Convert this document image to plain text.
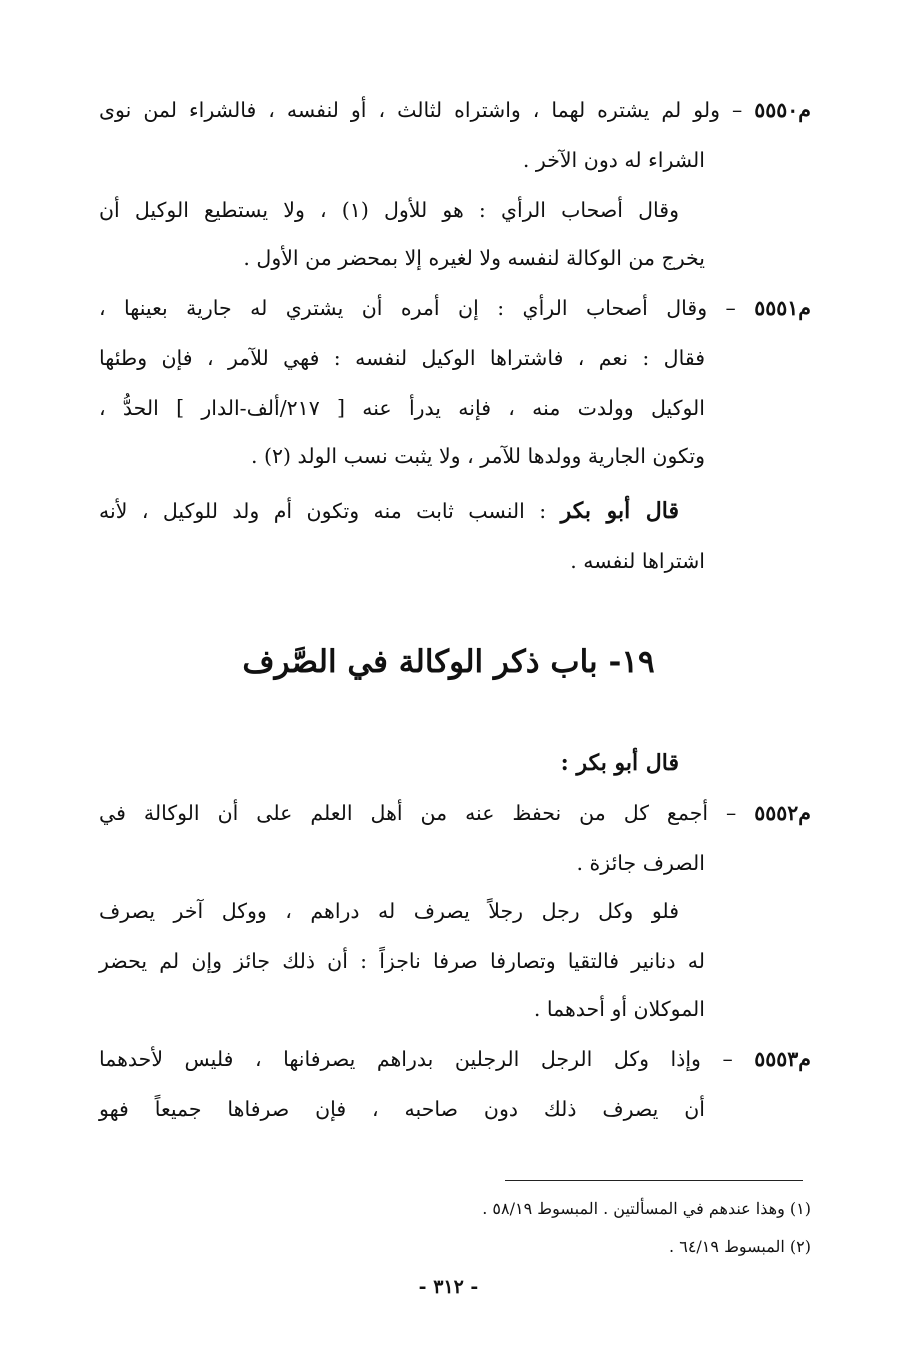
م٥٥٥٠ – ولو لم يشتره لهما ، واشتراه لثالث ، أو لنفسه ، فالشراء لمن نوى
الشراء له دون الآخر .
وقال أصحاب الرأي : هو للأول (١) ، ولا يستطيع الوكيل أن
يخرج من الوكالة لنفسه ولا لغيره إلا بمحضر من الأول .
م٥٥٥١ – وقال أصحاب الرأي : إن أمره أن يشتري له جارية بعينها ،
فقال : نعم ، فاشتراها الوكيل لنفسه : فهي للآمر ، فإن وطئها
الوكيل وولدت منه ، فإنه يدرأ عنه [ ٢١٧/ألف-الدار ] الحدُّ ،
وتكون الجارية وولدها للآمر ، ولا يثبت نسب الولد (٢) .
قال أبو بكر : النسب ثابت منه وتكون أم ولد للوكيل ، لأنه
اشتراها لنفسه .
١٩- باب ذكر الوكالة في الصَّرف
قال أبو بكر :
م٥٥٥٢ – أجمع كل من نحفظ عنه من أهل العلم على أن الوكالة في
الصرف جائزة .
فلو وكل رجل رجلاً يصرف له دراهم ، ووكل آخر يصرف
له دنانير فالتقيا وتصارفا صرفا ناجزاً : أن ذلك جائز وإن لم يحضر
الموكلان أو أحدهما .
م٥٥٥٣ – وإذا وكل الرجل الرجلين بدراهم يصرفانها ، فليس لأحدهما
أن يصرف ذلك دون صاحبه ، فإن صرفاها جميعاً فهو
(١) وهذا عندهم في المسألتين . المبسوط ٥٨/١٩ .
(٢) المبسوط ٦٤/١٩ .
- ٣١٢ -
